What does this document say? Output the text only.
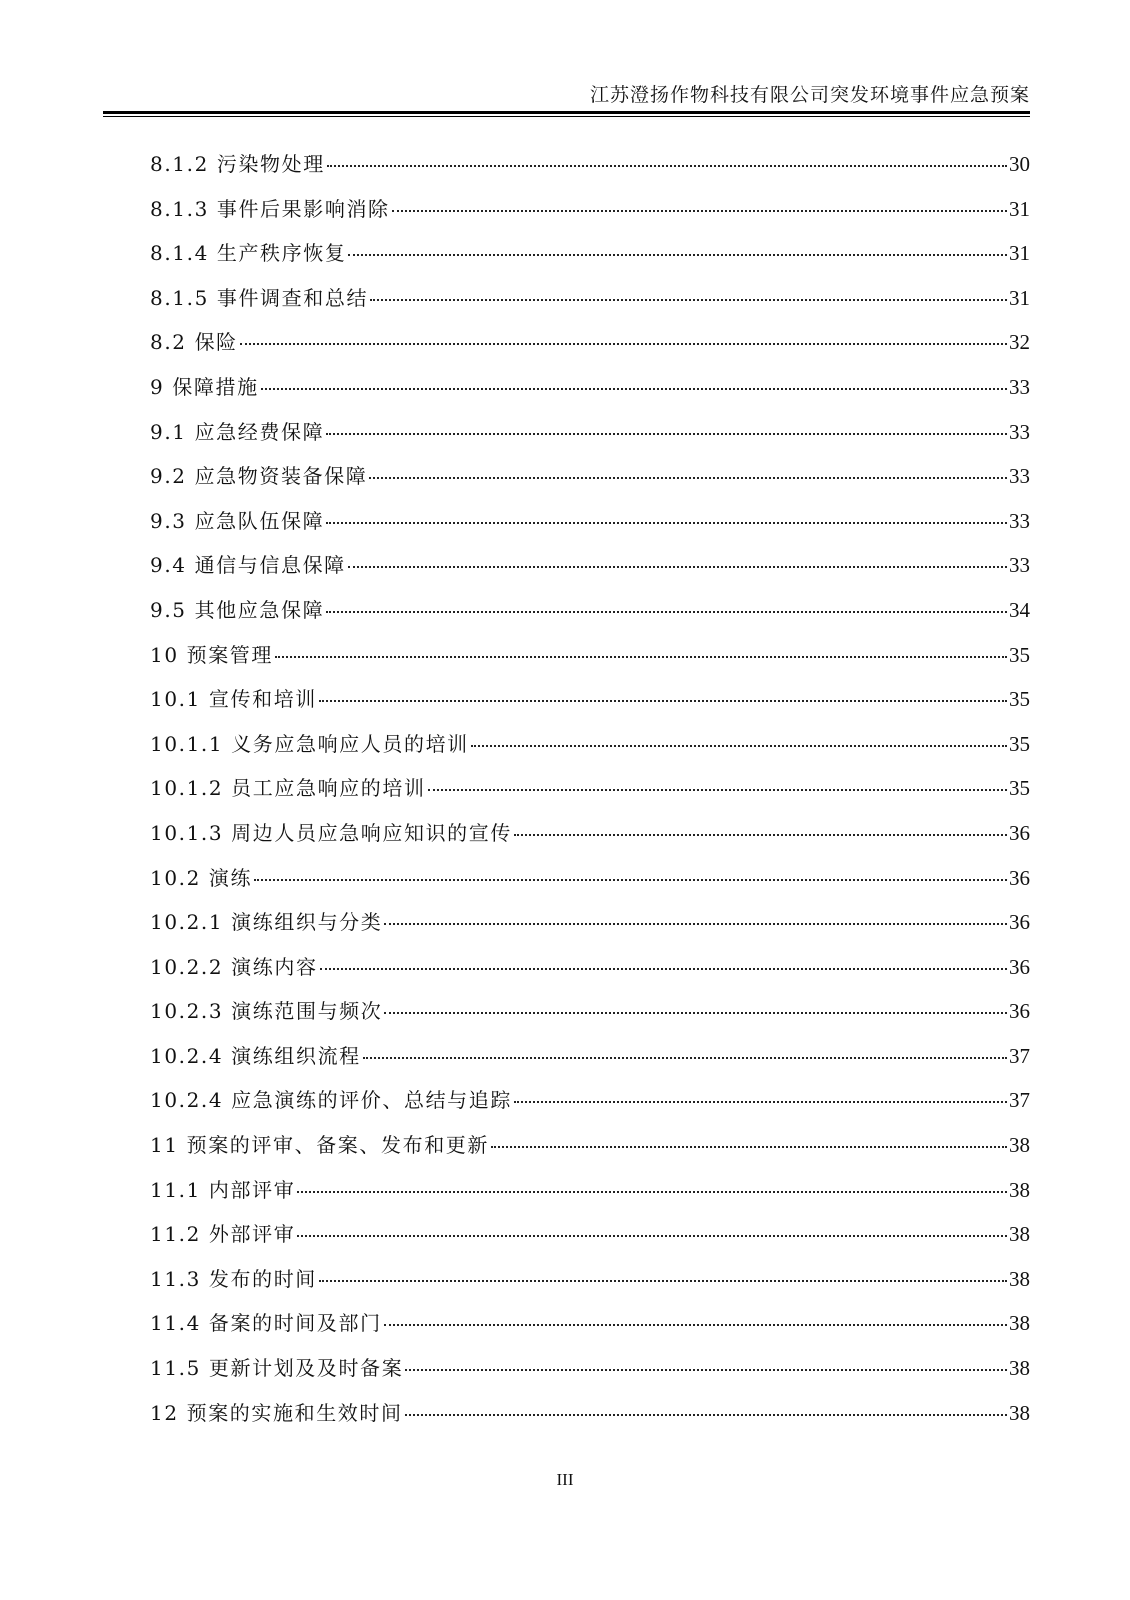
江苏澄扬作物科技有限公司突发环境事件应急预案
8.1.2 污染物处理	30
8.1.3 事件后果影响消除	31
8.1.4 生产秩序恢复	31
8.1.5 事件调查和总结	31
8.2 保险	32
9 保障措施	33
9.1 应急经费保障	33
9.2 应急物资装备保障	33
9.3 应急队伍保障	33
9.4 通信与信息保障	33
9.5 其他应急保障	34
10 预案管理	35
10.1 宣传和培训	35
10.1.1 义务应急响应人员的培训	35
10.1.2 员工应急响应的培训	35
10.1.3 周边人员应急响应知识的宣传	36
10.2 演练	36
10.2.1 演练组织与分类	36
10.2.2 演练内容	36
10.2.3 演练范围与频次	36
10.2.4 演练组织流程	37
10.2.4 应急演练的评价、总结与追踪	37
11 预案的评审、备案、发布和更新	38
11.1 内部评审	38
11.2 外部评审	38
11.3 发布的时间	38
11.4 备案的时间及部门	38
11.5 更新计划及及时备案	38
12 预案的实施和生效时间	38
III
